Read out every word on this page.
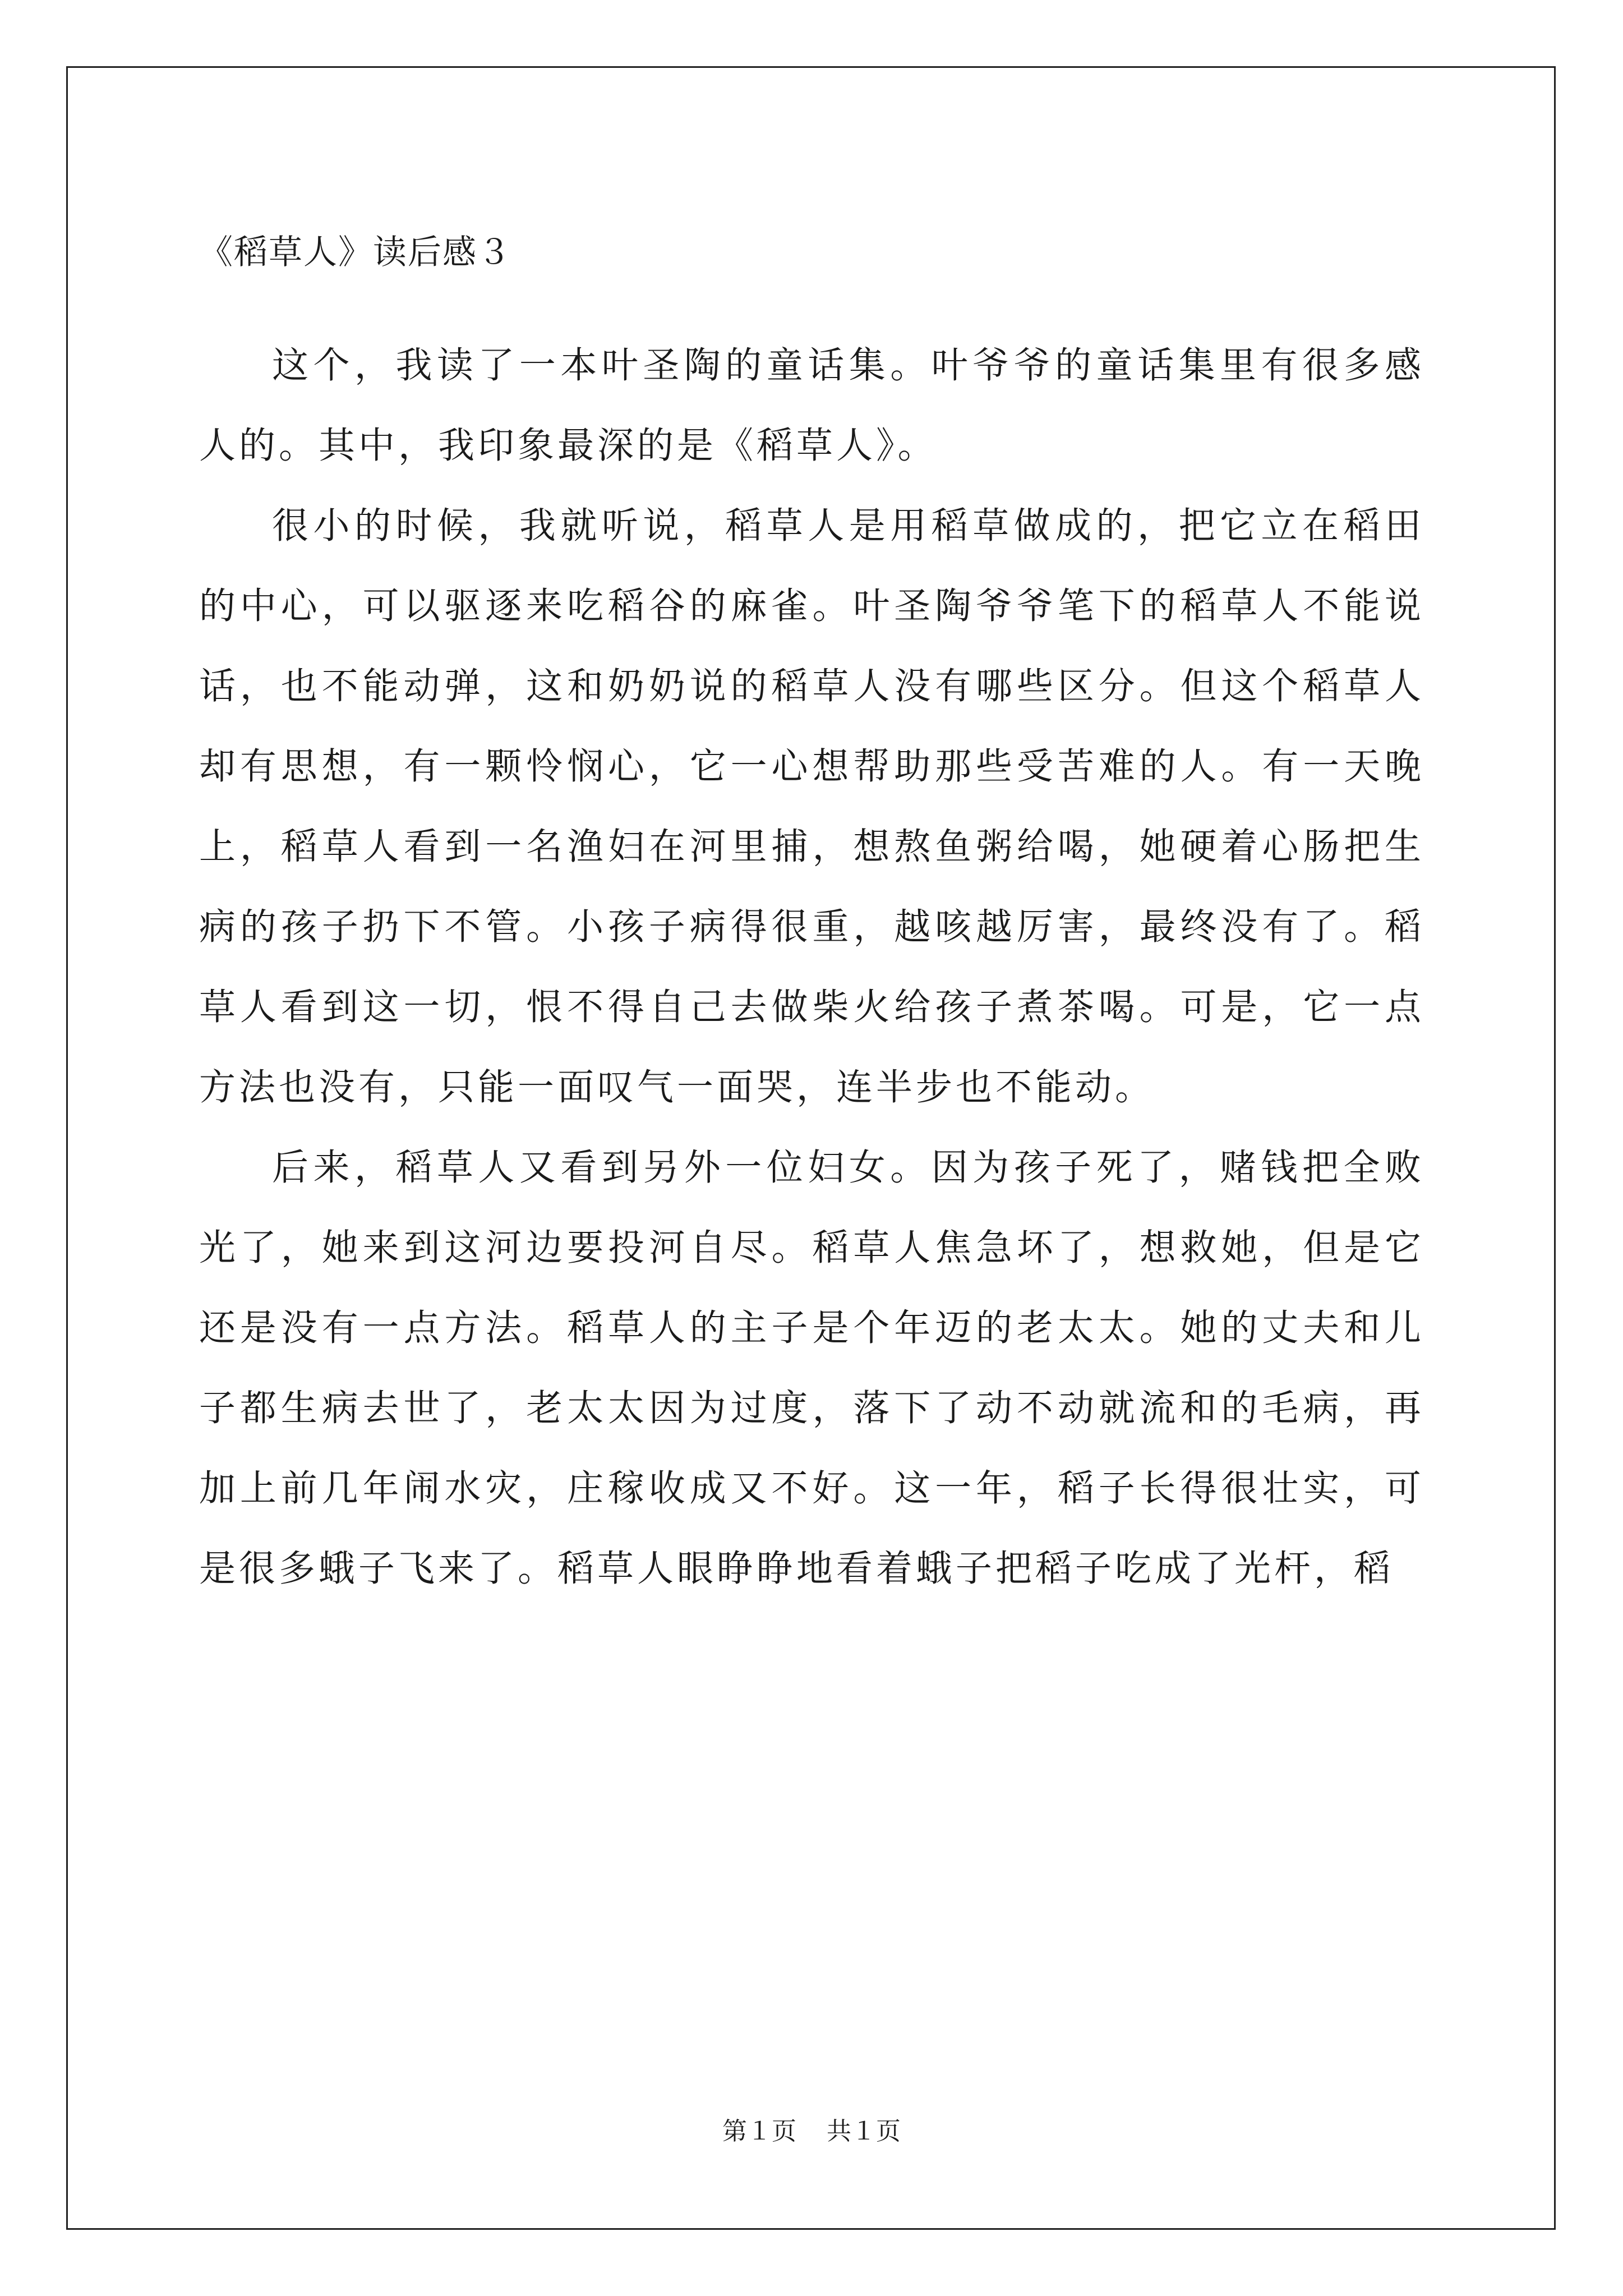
《稻草人》读后感３

这个，我读了一本叶圣陶的童话集。叶爷爷的童话集里有很多感人的。其中，我印象最深的是《稻草人》。

很小的时候，我就听说，稻草人是用稻草做成的，把它立在稻田的中心，可以驱逐来吃稻谷的麻雀。叶圣陶爷爷笔下的稻草人不能说话，也不能动弹，这和奶奶说的稻草人没有哪些区分。但这个稻草人却有思想，有一颗怜悯心，它一心想帮助那些受苦难的人。有一天晚上，稻草人看到一名渔妇在河里捕，想熬鱼粥给喝，她硬着心肠把生病的孩子扔下不管。小孩子病得很重，越咳越厉害，最终没有了。稻草人看到这一切，恨不得自己去做柴火给孩子煮茶喝。可是，它一点方法也没有，只能一面叹气一面哭，连半步也不能动。

后来，稻草人又看到另外一位妇女。因为孩子死了，赌钱把全败光了，她来到这河边要投河自尽。稻草人焦急坏了，想救她，但是它还是没有一点方法。稻草人的主子是个年迈的老太太。她的丈夫和儿子都生病去世了，老太太因为过度，落下了动不动就流和的毛病，再加上前几年闹水灾，庄稼收成又不好。这一年，稻子长得很壮实，可是很多蛾子飞来了。稻草人眼睁睁地看着蛾子把稻子吃成了光杆，稻

第１页 共１页
